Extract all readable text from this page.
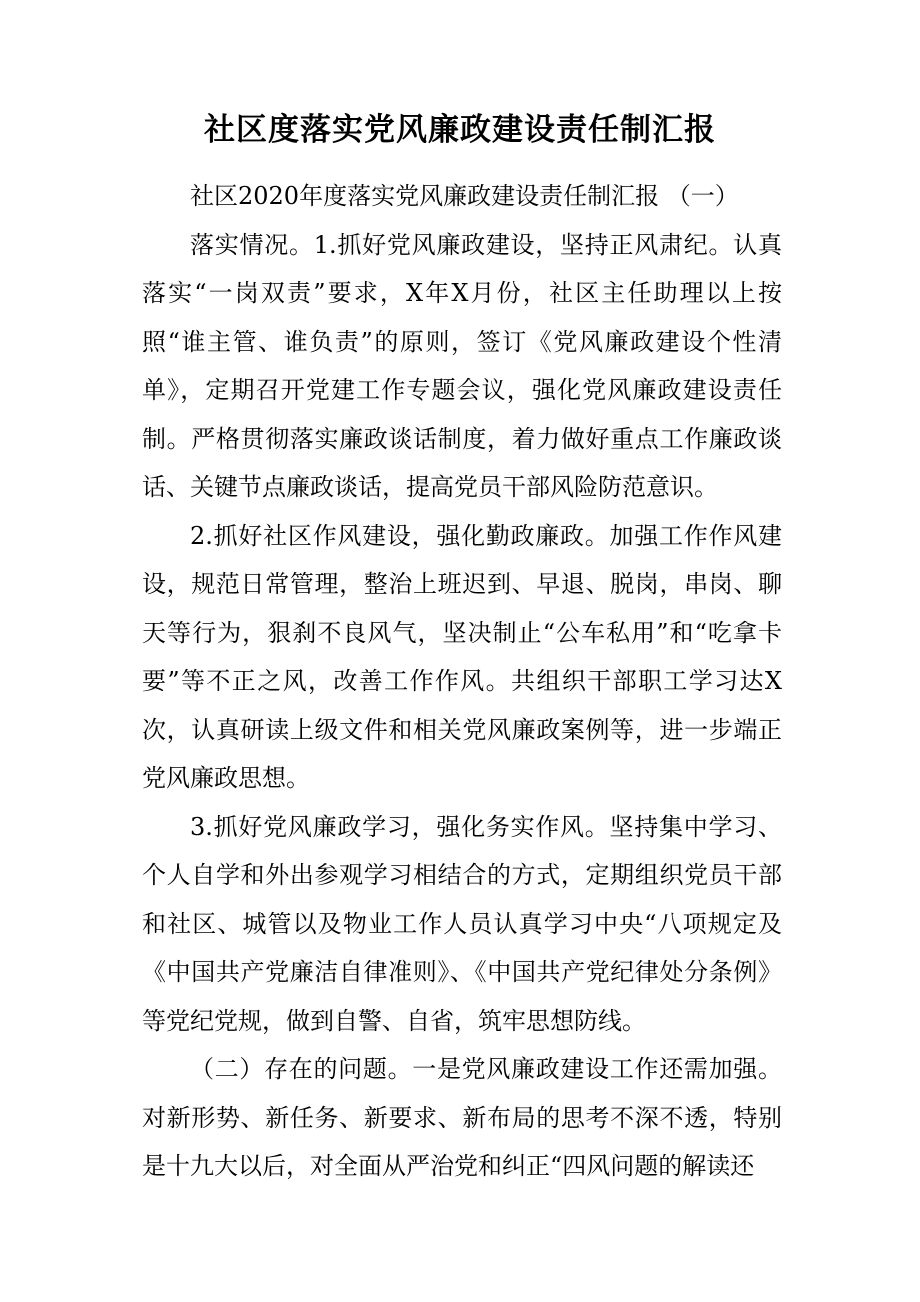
社区度落实党风廉政建设责任制汇报

社区2020年度落实党风廉政建设责任制汇报 （一）

落实情况。1.抓好党风廉政建设，坚持正风肃纪。认真落实“一岗双责”要求，X年X月份，社区主任助理以上按照“谁主管、谁负责”的原则，签订《党风廉政建设个性清单》，定期召开党建工作专题会议，强化党风廉政建设责任制。严格贯彻落实廉政谈话制度，着力做好重点工作廉政谈话、关键节点廉政谈话，提高党员干部风险防范意识。

2.抓好社区作风建设，强化勤政廉政。加强工作作风建设，规范日常管理，整治上班迟到、早退、脱岗，串岗、聊天等行为，狠刹不良风气，坚决制止“公车私用”和“吃拿卡要”等不正之风，改善工作作风。共组织干部职工学习达X次，认真研读上级文件和相关党风廉政案例等，进一步端正党风廉政思想。

3.抓好党风廉政学习，强化务实作风。坚持集中学习、个人自学和外出参观学习相结合的方式，定期组织党员干部和社区、城管以及物业工作人员认真学习中央“八项规定及《中国共产党廉洁自律准则》、《中国共产党纪律处分条例》等党纪党规，做到自警、自省，筑牢思想防线。

（二）存在的问题。一是党风廉政建设工作还需加强。对新形势、新任务、新要求、新布局的思考不深不透，特别是十九大以后，对全面从严治党和纠正“四风问题的解读还
